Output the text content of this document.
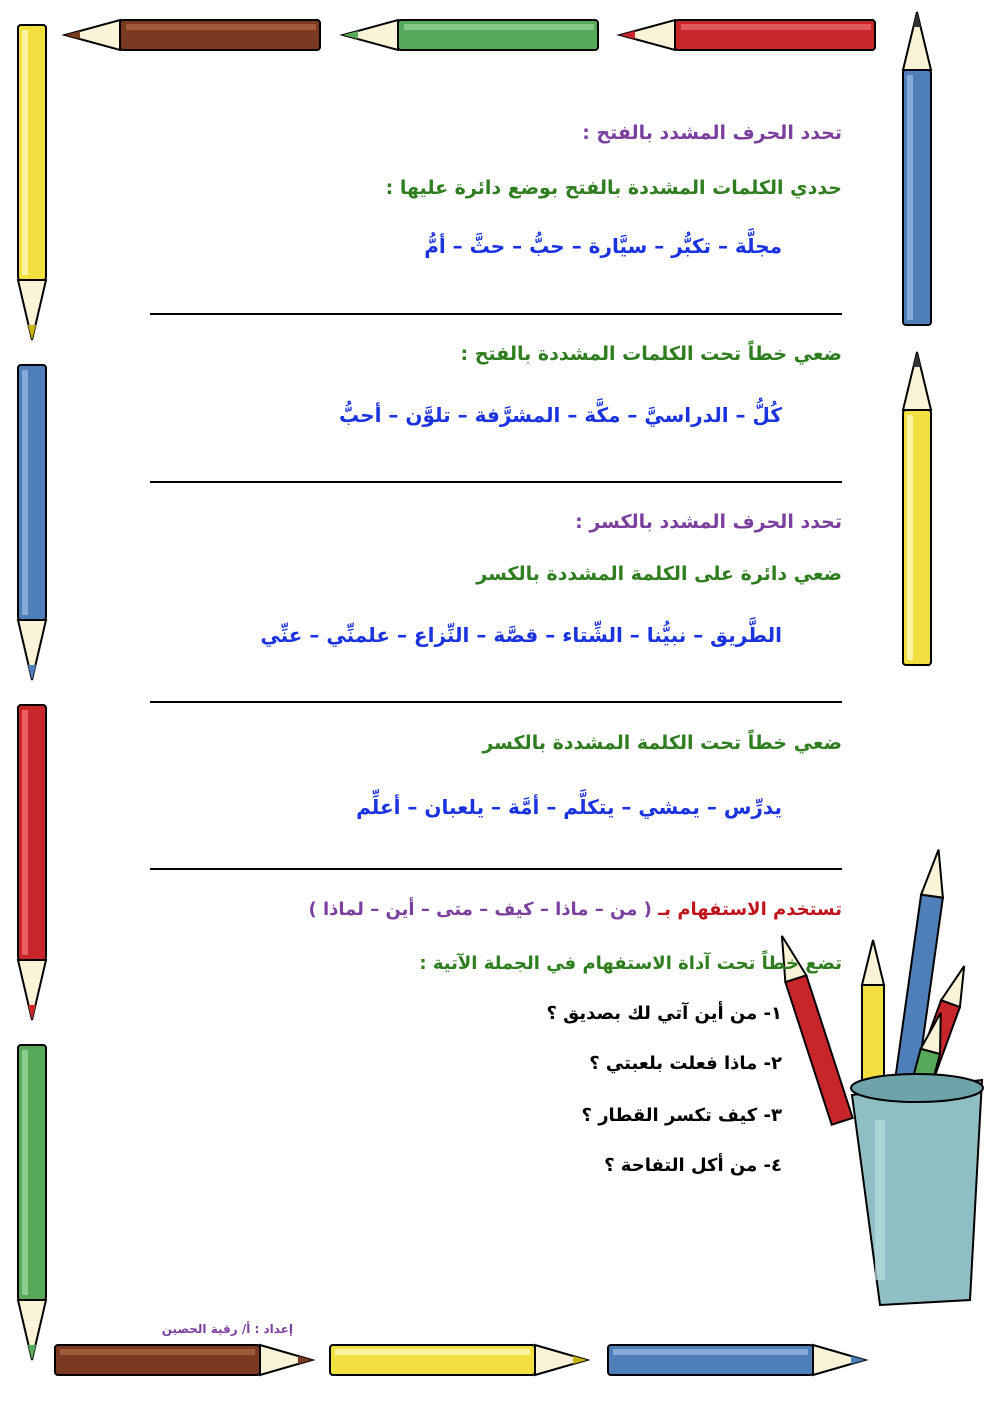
تحدد الحرف المشدد بالفتح :
حددي الكلمات المشددة بالفتح بوضع دائرة عليها :
مجلَّة – تكبُّر – سيَّارة – حبُّ – حثَّ – أمُّ
ضعي خطاً تحت الكلمات المشددة بالفتح :
كُلُّ – الدراسيَّ – مكَّة – المشرَّفة – تلوَّن – أحبُّ
تحدد الحرف المشدد بالكسر :
ضعي دائرة على الكلمة المشددة بالكسر
الطَّريق – نبيُّنا – الشِّتاء – قصَّة – النِّزاع – علمنِّي – عنِّي
ضعي خطاً تحت الكلمة المشددة بالكسر
يدرِّس – يمشي – يتكلَّم – أمَّة – يلعبان – أعلِّم
تستخدم الاستفهام بـ ( من – ماذا – كيف – متى – أين – لماذا )
تضع خطاً تحت آداة الاستفهام في الجملة الآتية :
١- من أين آتي لك بصديق ؟
٢- ماذا فعلت بلعبتي ؟
٣- كيف تكسر القطار ؟
٤- من أكل التفاحة ؟
إعداد : أ/ رقية الحصين
